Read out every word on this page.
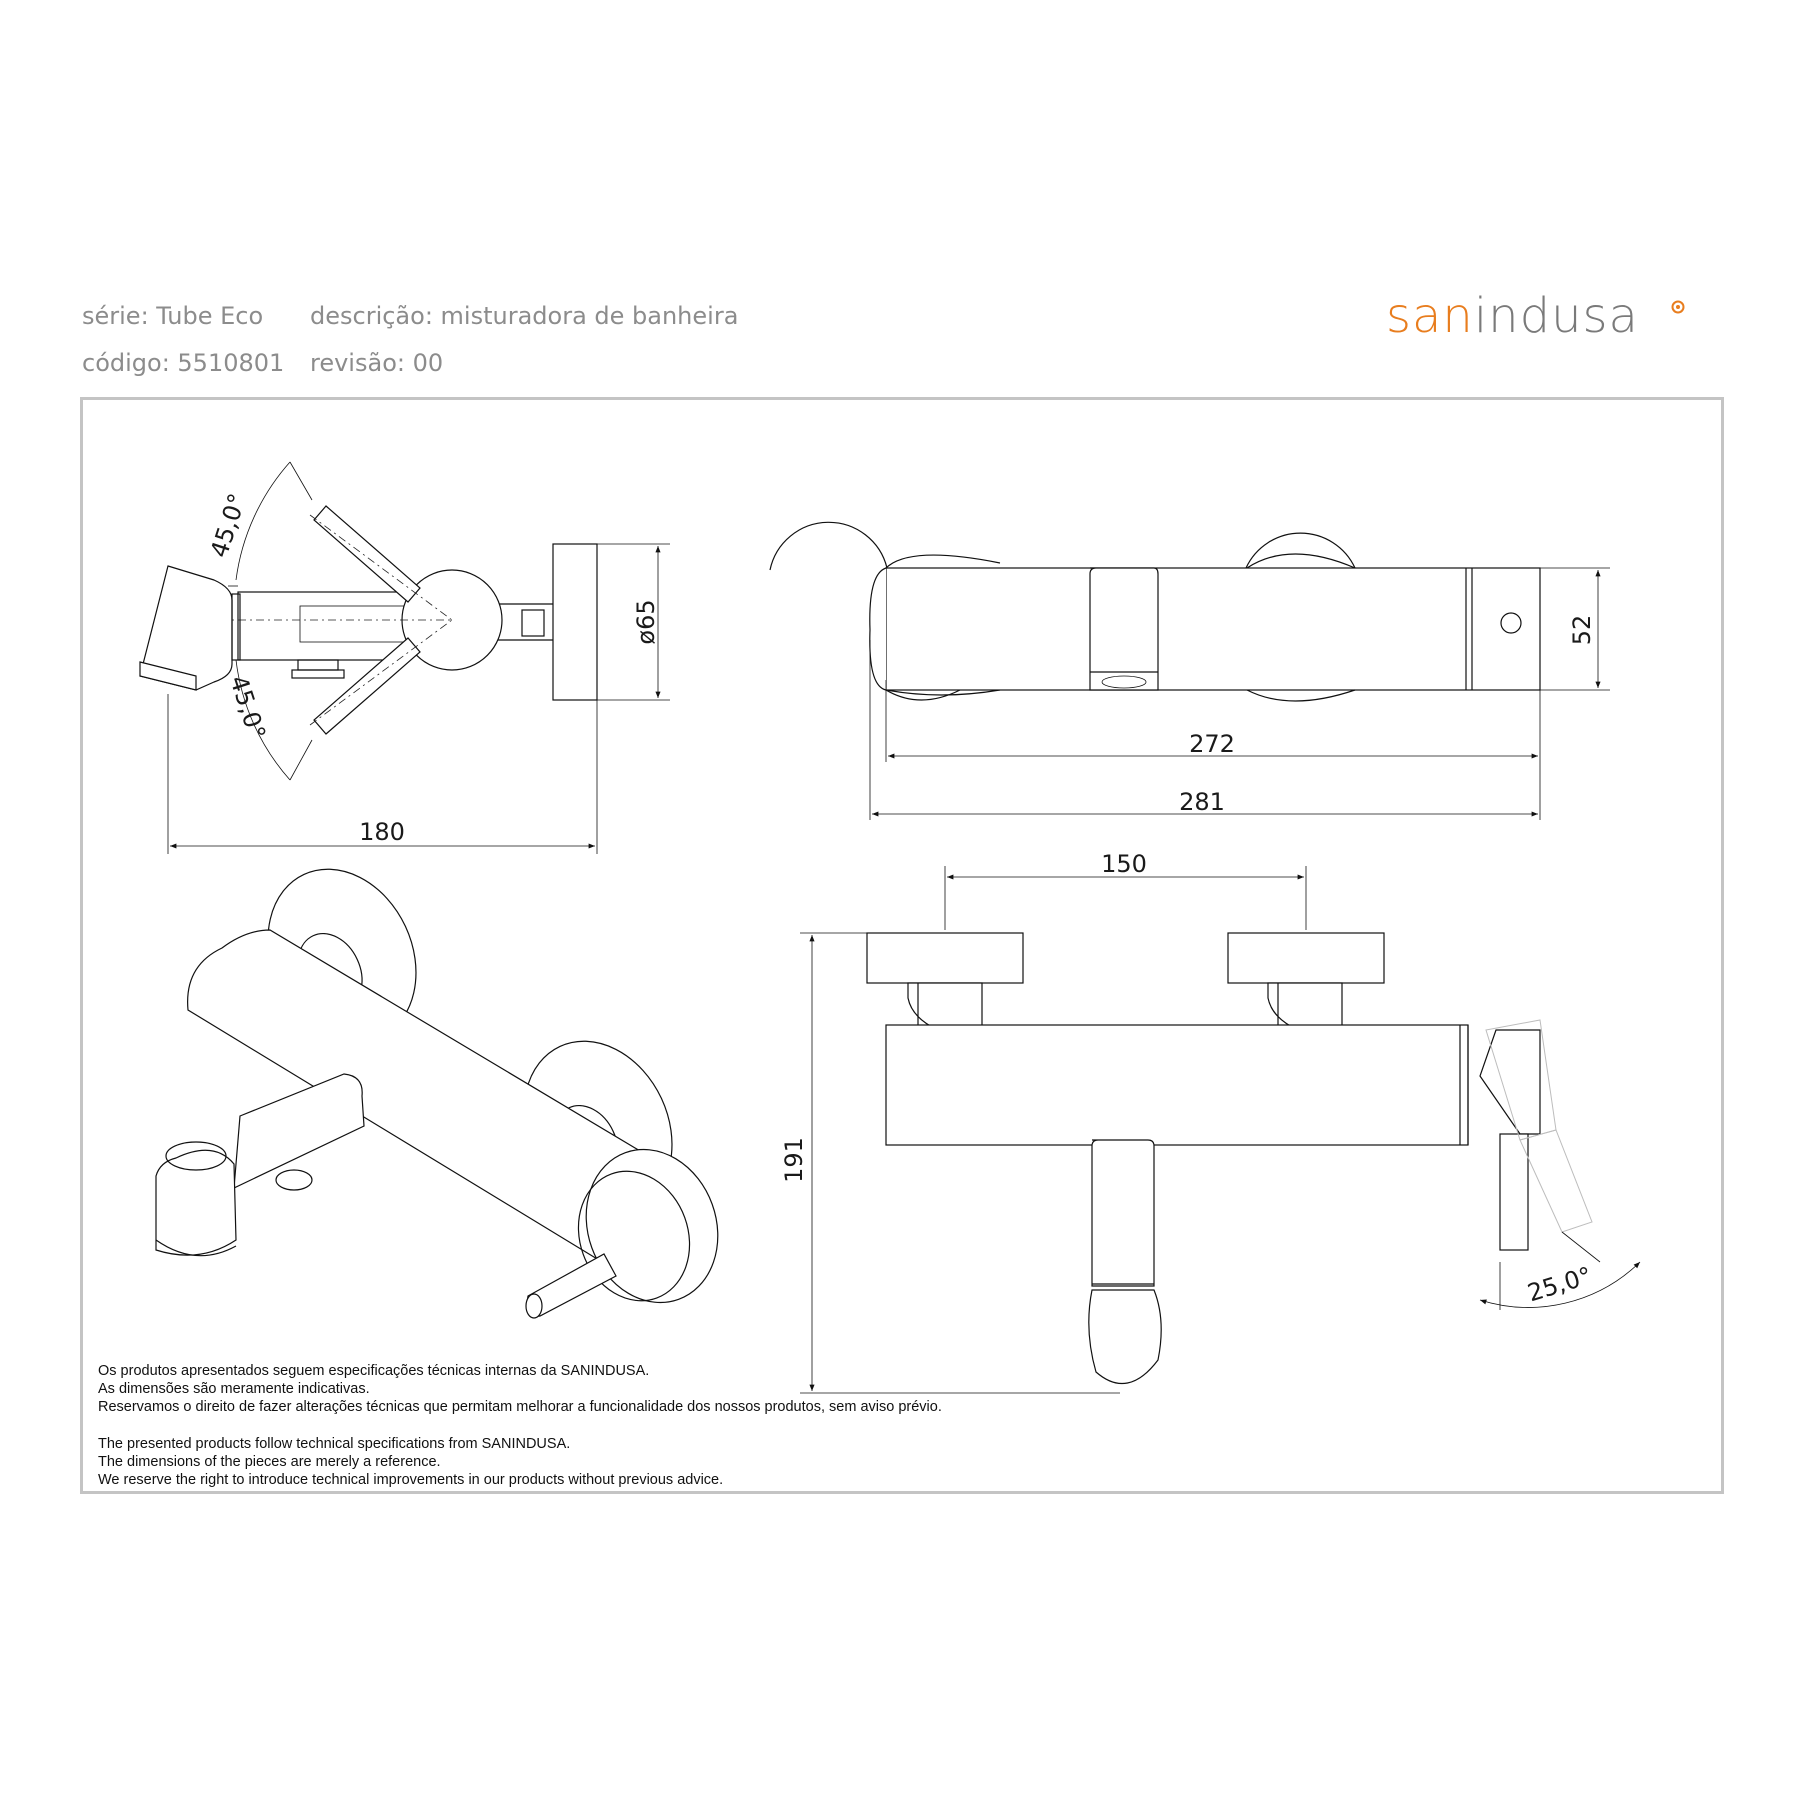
série: Tube Eco descrição: misturadora de banheira
código: 5510801 revisão: 00
sanindusa
180
ø65
45,0°
45,0°
52
272
281
150
191
25,0°
Os produtos apresentados seguem especificações técnicas internas da SANINDUSA.
As dimensões são meramente indicativas.
Reservamos o direito de fazer alterações técnicas que permitam melhorar a funcionalidade dos nossos produtos, sem aviso prévio.
The presented products follow technical specifications from SANINDUSA.
The dimensions of the pieces are merely a reference.
We reserve the right to introduce technical improvements in our products without previous advice.
